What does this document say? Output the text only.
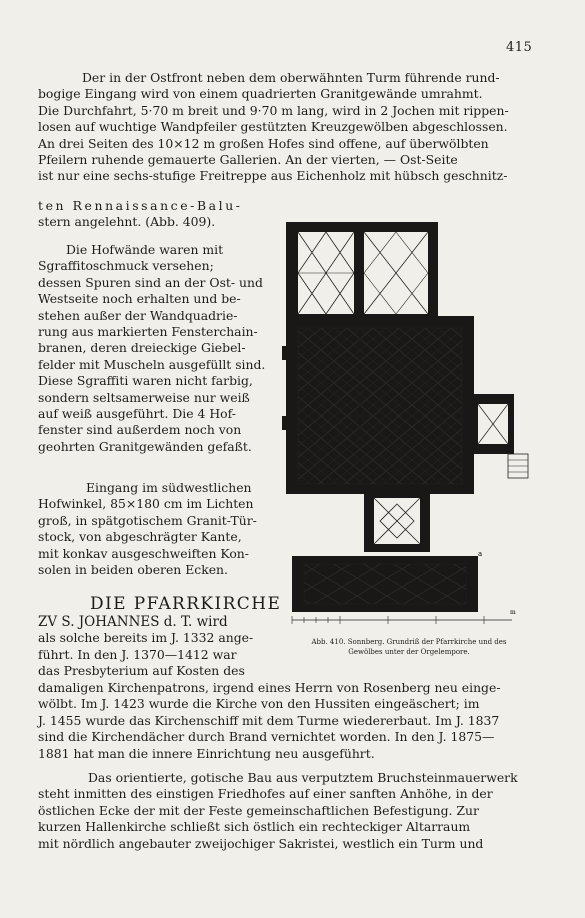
415
Der in der Ostfront neben dem oberwähnten Turm führende rund-
bogige Eingang wird von einem quadrierten Granitgewände umrahmt.
Die Durchfahrt, 5·70 m breit und 9·70 m lang, wird in 2 Jochen mit rippen-
losen auf wuchtige Wandpfeiler gestützten Kreuzgewölben abgeschlossen.
An drei Seiten des 10×12 m großen Hofes sind offene, auf überwölbten
Pfeilern ruhende gemauerte Gallerien. An der vierten, — Ost-Seite
ist nur eine sechs-stufige Freitreppe aus Eichenholz mit hübsch geschnitz-
ten Rennaissance-Balu-
stern angelehnt. (Abb. 409).
Die Hofwände waren mit
Sgraffitoschmuck versehen;
dessen Spuren sind an der Ost- und
Westseite noch erhalten und be-
stehen außer der Wandquadrie-
rung aus markierten Fensterchain-
branen, deren dreieckige Giebel-
felder mit Muscheln ausgefüllt sind.
Diese Sgraffiti waren nicht farbig,
sondern seltsamerweise nur weiß
auf weiß ausgeführt. Die 4 Hof-
fenster sind außerdem noch von
geohrten Granitgewänden gefaßt.
Eingang im südwestlichen
Hofwinkel, 85×180 cm im Lichten
groß, in spätgotischem Granit-Tür-
stock, von abgeschrägter Kante,
mit konkav ausgeschweiften Kon-
solen in beiden oberen Ecken.
DIE PFARRKIRCHE
ZV S. JOHANNES d. T. wird
als solche bereits im J. 1332 ange-
führt. In den J. 1370—1412 war
das Presbyterium auf Kosten des
damaligen Kirchenpatrons, irgend eines Herrn von Rosenberg neu einge-
wölbt. Im J. 1423 wurde die Kirche von den Hussiten eingeäschert; im
J. 1455 wurde das Kirchenschiff mit dem Turme wiedererbaut. Im J. 1837
sind die Kirchendächer durch Brand vernichtet worden. In den J. 1875—
1881 hat man die innere Einrichtung neu ausgeführt.
Das orientierte, gotische Bau aus verputztem Bruchsteinmauerwerk
steht inmitten des einstigen Friedhofes auf einer sanften Anhöhe, in der
östlichen Ecke der mit der Feste gemeinschaftlichen Befestigung. Zur
kurzen Hallenkirche schließt sich östlich ein rechteckiger Altarraum
mit nördlich angebauter zweijochiger Sakristei, westlich ein Turm und
a
m
Abb. 410. Sonnberg. Grundriß der Pfarrkirche und des
Gewölbes unter der Orgelempore.
